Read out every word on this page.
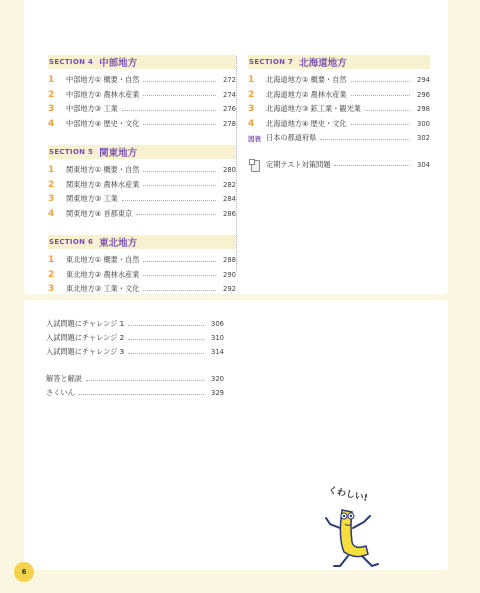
SECTION 4 中部地方
1	中部地方① 概要・自然	272
2	中部地方② 農林水産業	274
3	中部地方③ 工業	276
4	中部地方④ 歴史・文化	278
SECTION 5 関東地方
1	関東地方① 概要・自然	280
2	関東地方② 農林水産業	282
3	関東地方③ 工業	284
4	関東地方④ 首都東京	286
SECTION 6 東北地方
1	東北地方① 概要・自然	288
2	東北地方② 農林水産業	290
3	東北地方③ 工業・文化	292
SECTION 7 北海道地方
1	北海道地方① 概要・自然	294
2	北海道地方② 農林水産業	296
3	北海道地方③ 鉱工業・観光業	298
4	北海道地方④ 歴史・文化	300
図表 日本の都道府県	302
定期テスト対策問題	304
入試問題にチャレンジ 1	306
入試問題にチャレンジ 2	310
入試問題にチャレンジ 3	314
解答と解説	320
さくいん	329
くわしい!
6
